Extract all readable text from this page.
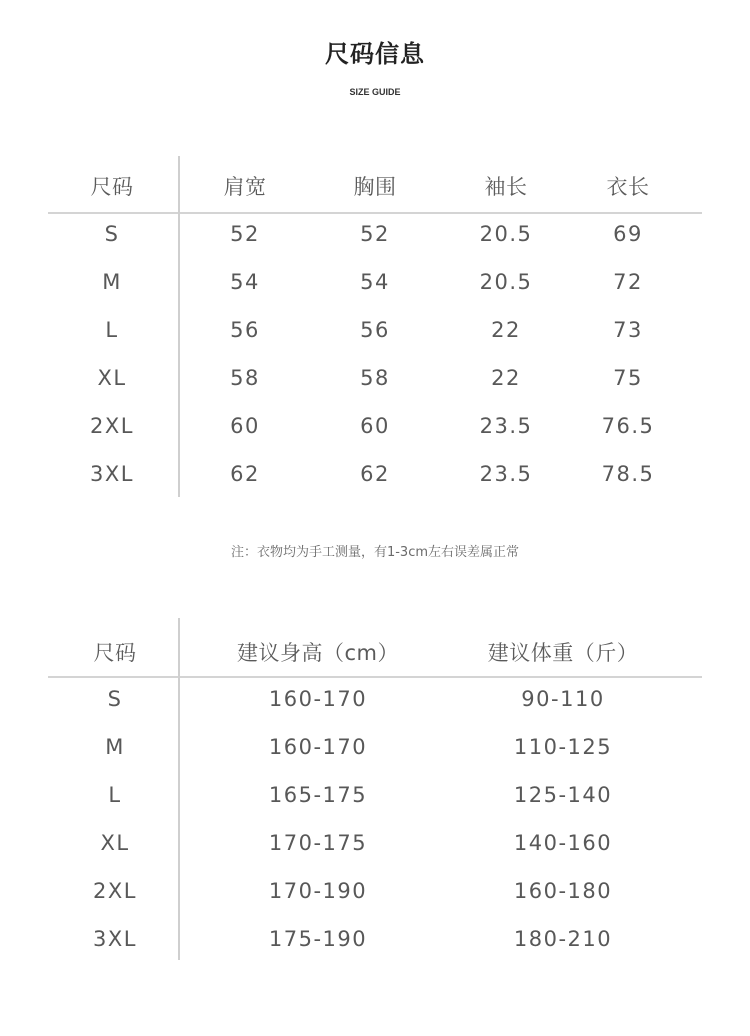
尺码信息
SIZE GUIDE
尺码	肩宽	胸围	袖长	衣长
S	52	52	20.5	69
M	54	54	20.5	72
L	56	56	22	73
XL	58	58	22	75
2XL	60	60	23.5	76.5
3XL	62	62	23.5	78.5
注：衣物均为手工测量，有1-3cm左右误差属正常
尺码	建议身高（cm）	建议体重（斤）
S	160-170	90-110
M	160-170	110-125
L	165-175	125-140
XL	170-175	140-160
2XL	170-190	160-180
3XL	175-190	180-210
